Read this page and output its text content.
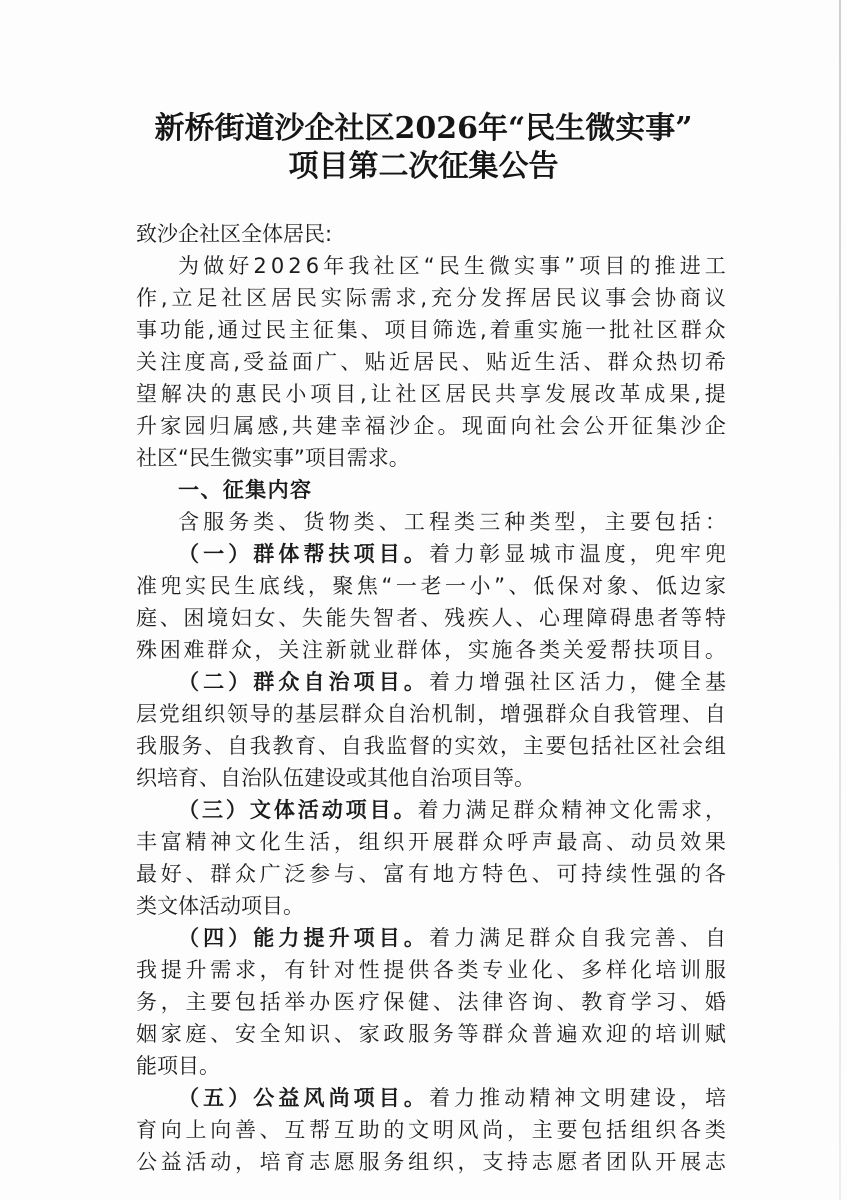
新桥街道沙企社区2026年“民生微实事”
项目第二次征集公告
致沙企社区全体居民:
为 做 好 2 0 2 6 年 我 社 区 “ 民 生 微 实 事 ” 项 目 的 推 进 工
作 , 立 足 社 区 居 民 实 际 需 求 , 充 分 发 挥 居 民 议 事 会 协 商 议
事 功 能 , 通 过 民 主 征 集 、 项 目 筛 选 , 着 重 实 施 一 批 社 区 群 众
关 注 度 高 , 受 益 面 广 、 贴 近 居 民 、 贴 近 生 活 、 群 众 热 切 希
望 解 决 的 惠 民 小 项 目 , 让 社 区 居 民 共 享 发 展 改 革 成 果 , 提
升 家 园 归 属 感 , 共 建 幸 福 沙 企 。 现 面 向 社 会 公 开 征 集 沙 企
社 区 “ 民 生 微 实 事 ” 项 目 需 求 。
一 、 征 集 内 容
含 服 务 类 、 货 物 类 、 工 程 类 三 种 类 型 ， 主 要 包 括 ：
（ 一 ） 群 体 帮 扶 项 目 。 着 力 彰 显 城 市 温 度 ， 兜 牢 兜
准 兜 实 民 生 底 线 ， 聚 焦 “ 一 老 一 小 ” 、 低 保 对 象 、 低 边 家
庭 、 困 境 妇 女 、 失 能 失 智 者 、 残 疾 人 、 心 理 障 碍 患 者 等 特
殊 困 难 群 众 ， 关 注 新 就 业 群 体 ， 实 施 各 类 关 爱 帮 扶 项 目 。
（ 二 ） 群 众 自 治 项 目 。 着 力 增 强 社 区 活 力 ， 健 全 基
层 党 组 织 领 导 的 基 层 群 众 自 治 机 制 ， 增 强 群 众 自 我 管 理 、 自
我 服 务 、 自 我 教 育 、 自 我 监 督 的 实 效 ， 主 要 包 括 社 区 社 会 组
织 培 育 、 自 治 队 伍 建 设 或 其 他 自 治 项 目 等 。
（ 三 ） 文 体 活 动 项 目 。 着 力 满 足 群 众 精 神 文 化 需 求 ，
丰 富 精 神 文 化 生 活 ， 组 织 开 展 群 众 呼 声 最 高 、 动 员 效 果
最 好 、 群 众 广 泛 参 与 、 富 有 地 方 特 色 、 可 持 续 性 强 的 各
类 文 体 活 动 项 目 。
（ 四 ） 能 力 提 升 项 目 。 着 力 满 足 群 众 自 我 完 善 、 自
我 提 升 需 求 ， 有 针 对 性 提 供 各 类 专 业 化 、 多 样 化 培 训 服
务 ， 主 要 包 括 举 办 医 疗 保 健 、 法 律 咨 询 、 教 育 学 习 、 婚
姻 家 庭 、 安 全 知 识 、 家 政 服 务 等 群 众 普 遍 欢 迎 的 培 训 赋
能 项 目 。
（ 五 ） 公 益 风 尚 项 目 。 着 力 推 动 精 神 文 明 建 设 ， 培
育 向 上 向 善 、 互 帮 互 助 的 文 明 风 尚 ， 主 要 包 括 组 织 各 类
公 益 活 动 ， 培 育 志 愿 服 务 组 织 ， 支 持 志 愿 者 团 队 开 展 志
